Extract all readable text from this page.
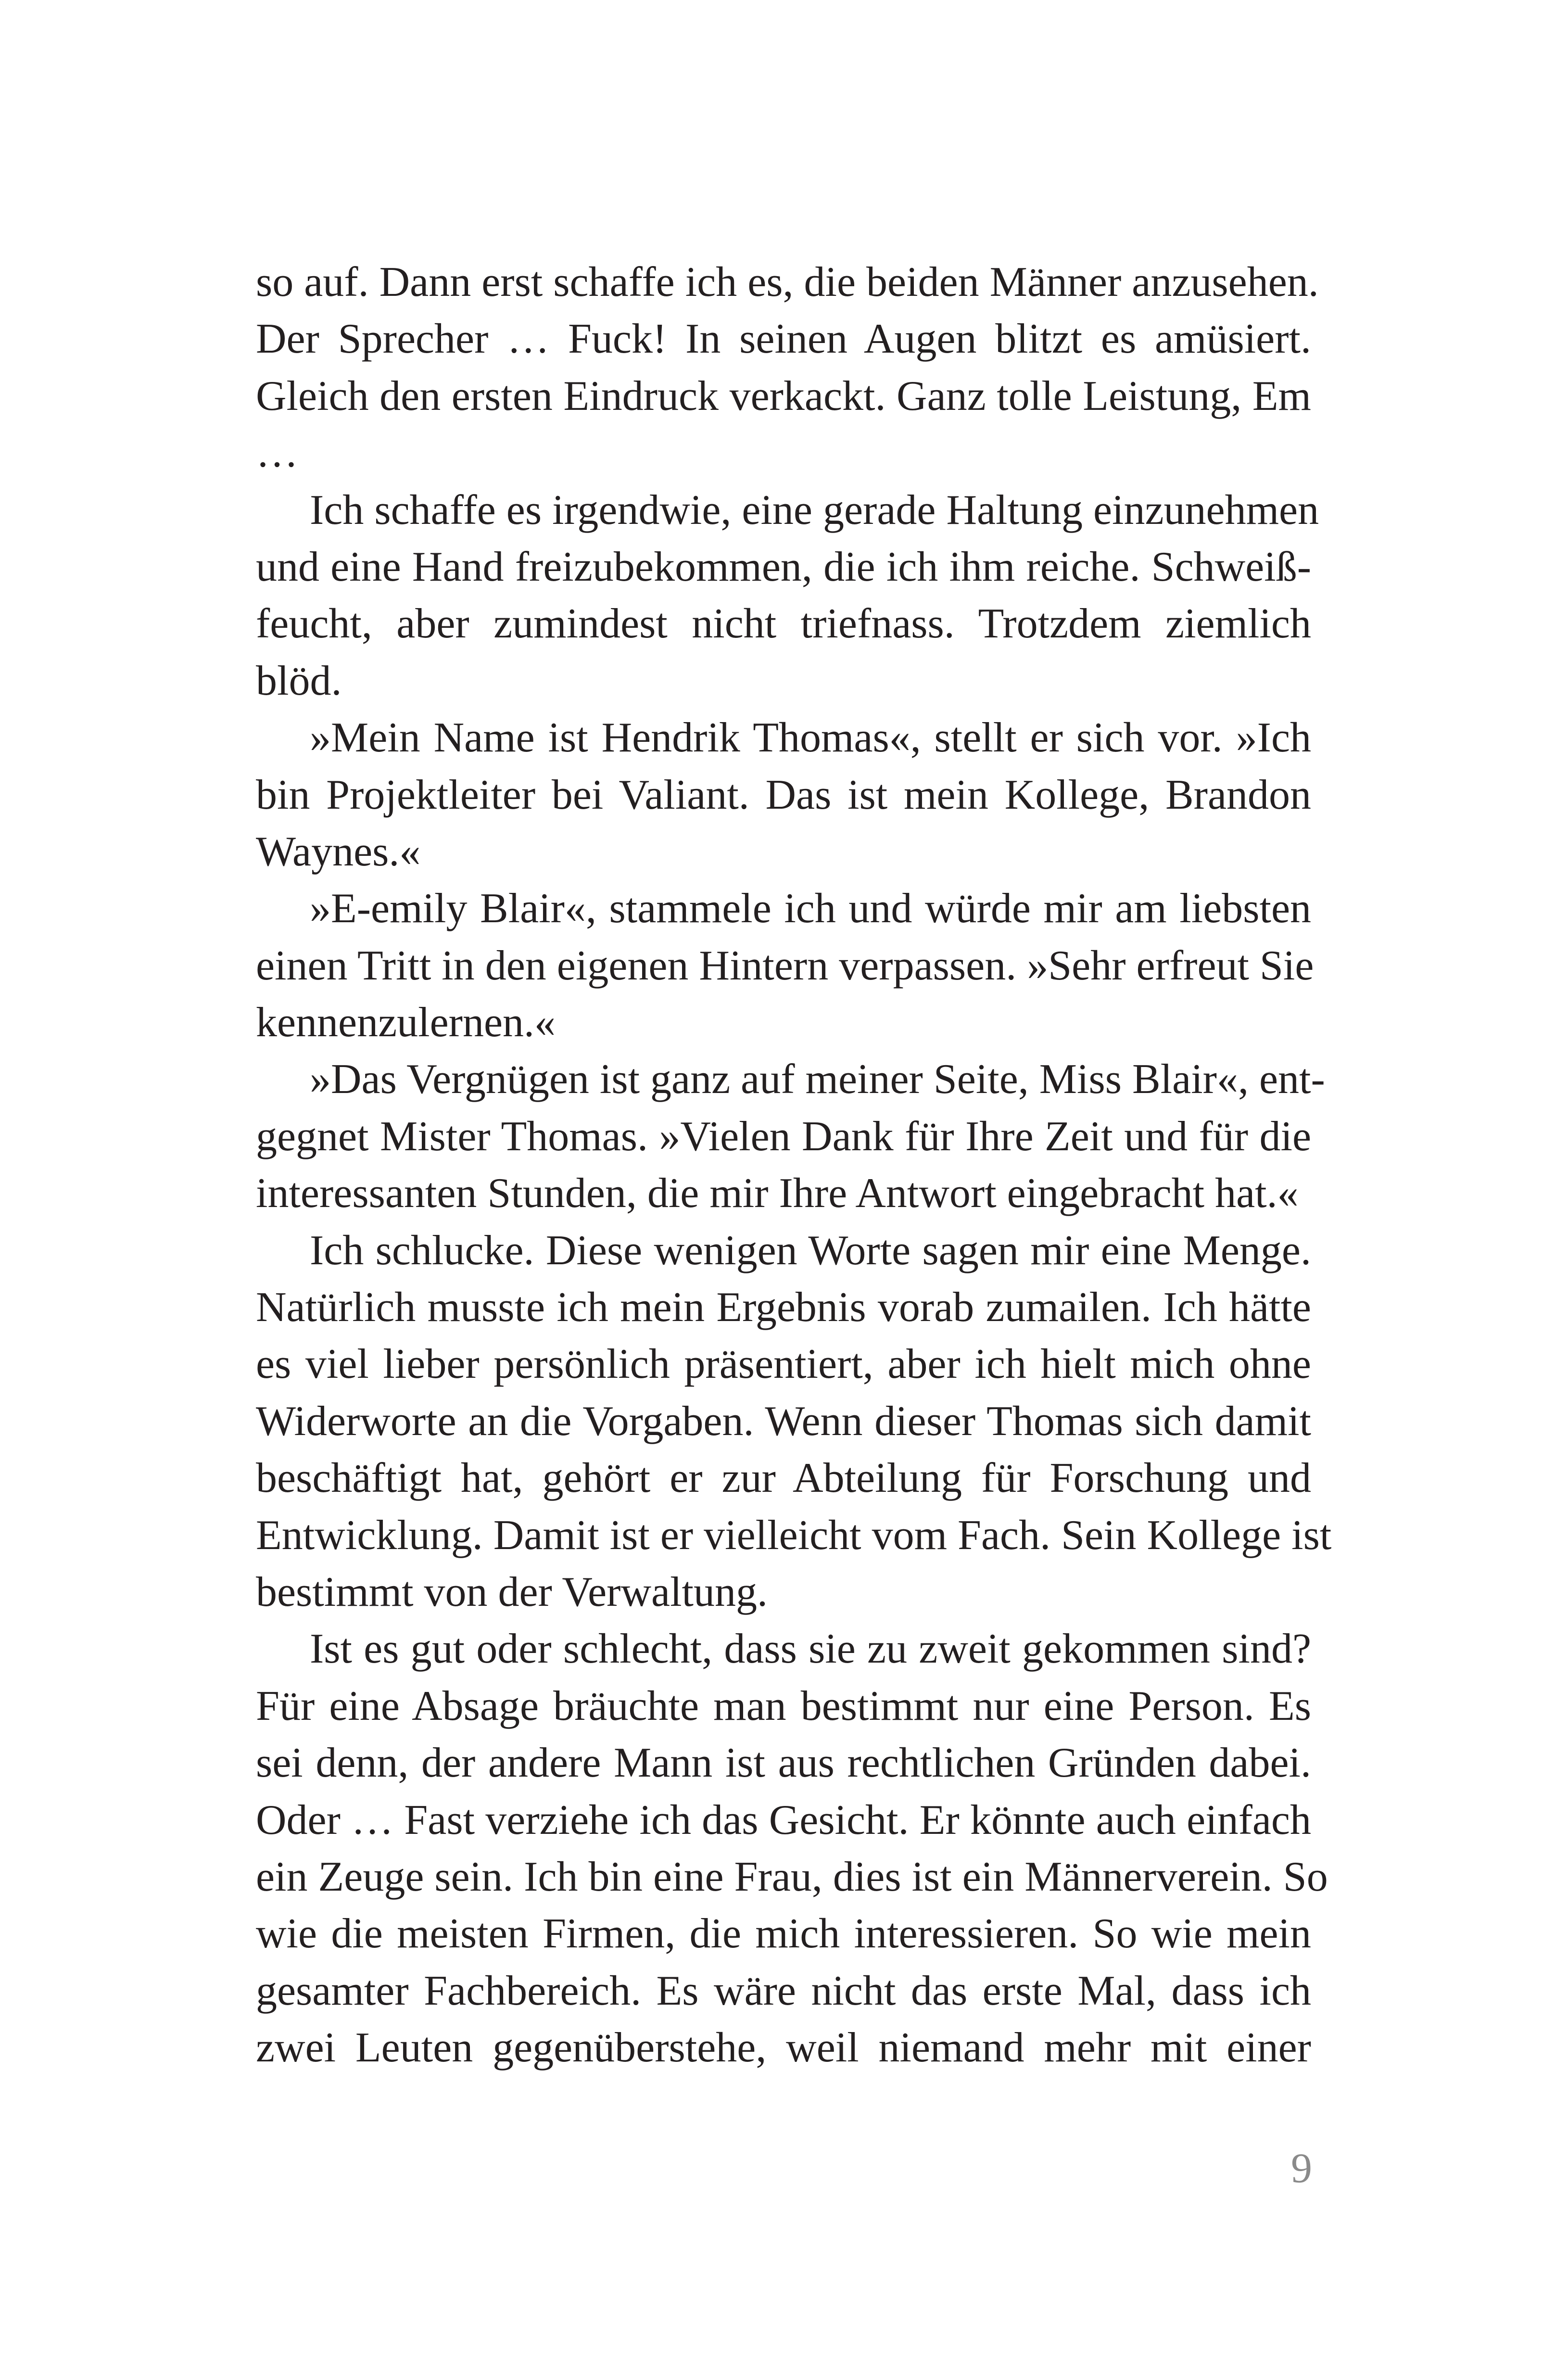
so auf. Dann erst schaffe ich es, die beiden Männer anzusehen.
Der Sprecher … Fuck! In seinen Augen blitzt es amüsiert.
Gleich den ersten Eindruck verkackt. Ganz tolle Leistung, Em
…
Ich schaffe es irgendwie, eine gerade Haltung einzunehmen
und eine Hand freizubekommen, die ich ihm reiche. Schweiß-
feucht, aber zumindest nicht triefnass. Trotzdem ziemlich
blöd.
»Mein Name ist Hendrik Thomas«, stellt er sich vor. »Ich
bin Projektleiter bei Valiant. Das ist mein Kollege, Brandon
Waynes.«
»E-emily Blair«, stammele ich und würde mir am liebsten
einen Tritt in den eigenen Hintern verpassen. »Sehr erfreut Sie
kennenzulernen.«
»Das Vergnügen ist ganz auf meiner Seite, Miss Blair«, ent-
gegnet Mister Thomas. »Vielen Dank für Ihre Zeit und für die
interessanten Stunden, die mir Ihre Antwort eingebracht hat.«
Ich schlucke. Diese wenigen Worte sagen mir eine Menge.
Natürlich musste ich mein Ergebnis vorab zumailen. Ich hätte
es viel lieber persönlich präsentiert, aber ich hielt mich ohne
Widerworte an die Vorgaben. Wenn dieser Thomas sich damit
beschäftigt hat, gehört er zur Abteilung für Forschung und
Entwicklung. Damit ist er vielleicht vom Fach. Sein Kollege ist
bestimmt von der Verwaltung.
Ist es gut oder schlecht, dass sie zu zweit gekommen sind?
Für eine Absage bräuchte man bestimmt nur eine Person. Es
sei denn, der andere Mann ist aus rechtlichen Gründen dabei.
Oder … Fast verziehe ich das Gesicht. Er könnte auch einfach
ein Zeuge sein. Ich bin eine Frau, dies ist ein Männerverein. So
wie die meisten Firmen, die mich interessieren. So wie mein
gesamter Fachbereich. Es wäre nicht das erste Mal, dass ich
zwei Leuten gegenüberstehe, weil niemand mehr mit einer
9
